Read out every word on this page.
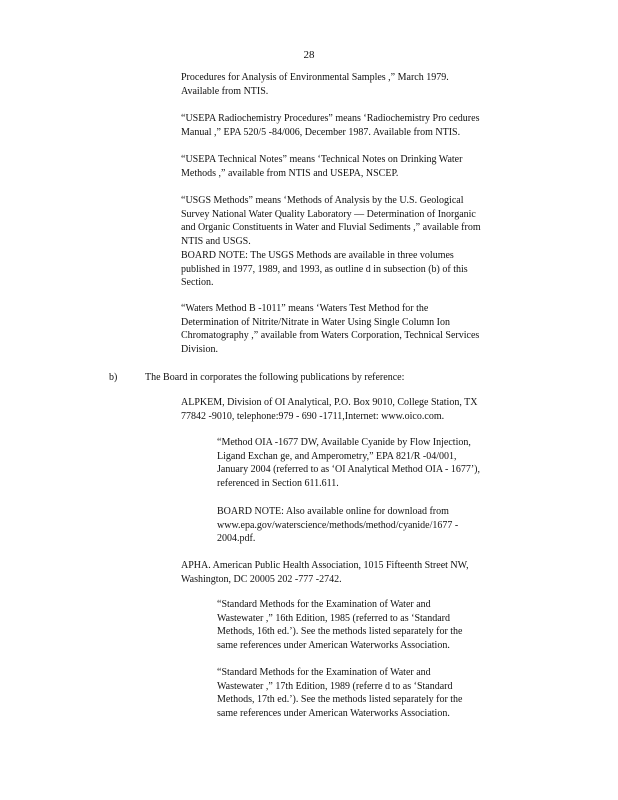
28

Procedures for Analysis of Environmental Samples ,” March 1979.

Available from NTIS.

“USEPA Radiochemistry Procedures” means ‘Radiochemistry Pro cedures

Manual ,” EPA 520/5 -84/006, December 1987. Available from NTIS.

“USEPA Technical Notes” means ‘Technical Notes on Drinking Water

Methods ,” available from NTIS and USEPA, NSCEP.

“USGS Methods” means ‘Methods of Analysis by the U.S. Geological

Survey National Water Quality Laboratory — Determination of Inorganic

and Organic Constituents in Water and Fluvial Sediments ,” available from

NTIS and USGS.

BOARD NOTE: The USGS Methods are available in three volumes

published in 1977, 1989, and 1993, as outline d in subsection (b) of this

Section.

“Waters Method B -1011” means ‘Waters Test Method for the

Determination of Nitrite/Nitrate in Water Using Single Column Ion

Chromatography ,” available from Waters Corporation, Technical Services

Division.

b)	The Board in corporates the following publications by reference:

ALPKEM, Division of OI Analytical, P.O. Box 9010, College Station, TX

77842 -9010, telephone:979 - 690 -1711,Internet: www.oico.com.

“Method OIA -1677 DW, Available Cyanide by Flow Injection,

Ligand Exchan ge, and Amperometry,” EPA 821/R -04/001,

January 2004 (referred to as ‘OI Analytical Method OIA - 1677’),

referenced in Section 611.611.

BOARD NOTE: Also available online for download from

www.epa.gov/waterscience/methods/method/cyanide/1677 -

2004.pdf.

APHA. American Public Health Association, 1015 Fifteenth Street NW,

Washington, DC 20005 202 -777 -2742.

“Standard Methods for the Examination of Water and

Wastewater ,” 16th Edition, 1985 (referred to as ‘Standard

Methods, 16th ed.’). See the methods listed separately for the

same references under American Waterworks Association.

“Standard Methods for the Examination of Water and

Wastewater ,” 17th Edition, 1989 (referre d to as ‘Standard

Methods, 17th ed.’). See the methods listed separately for the

same references under American Waterworks Association.
